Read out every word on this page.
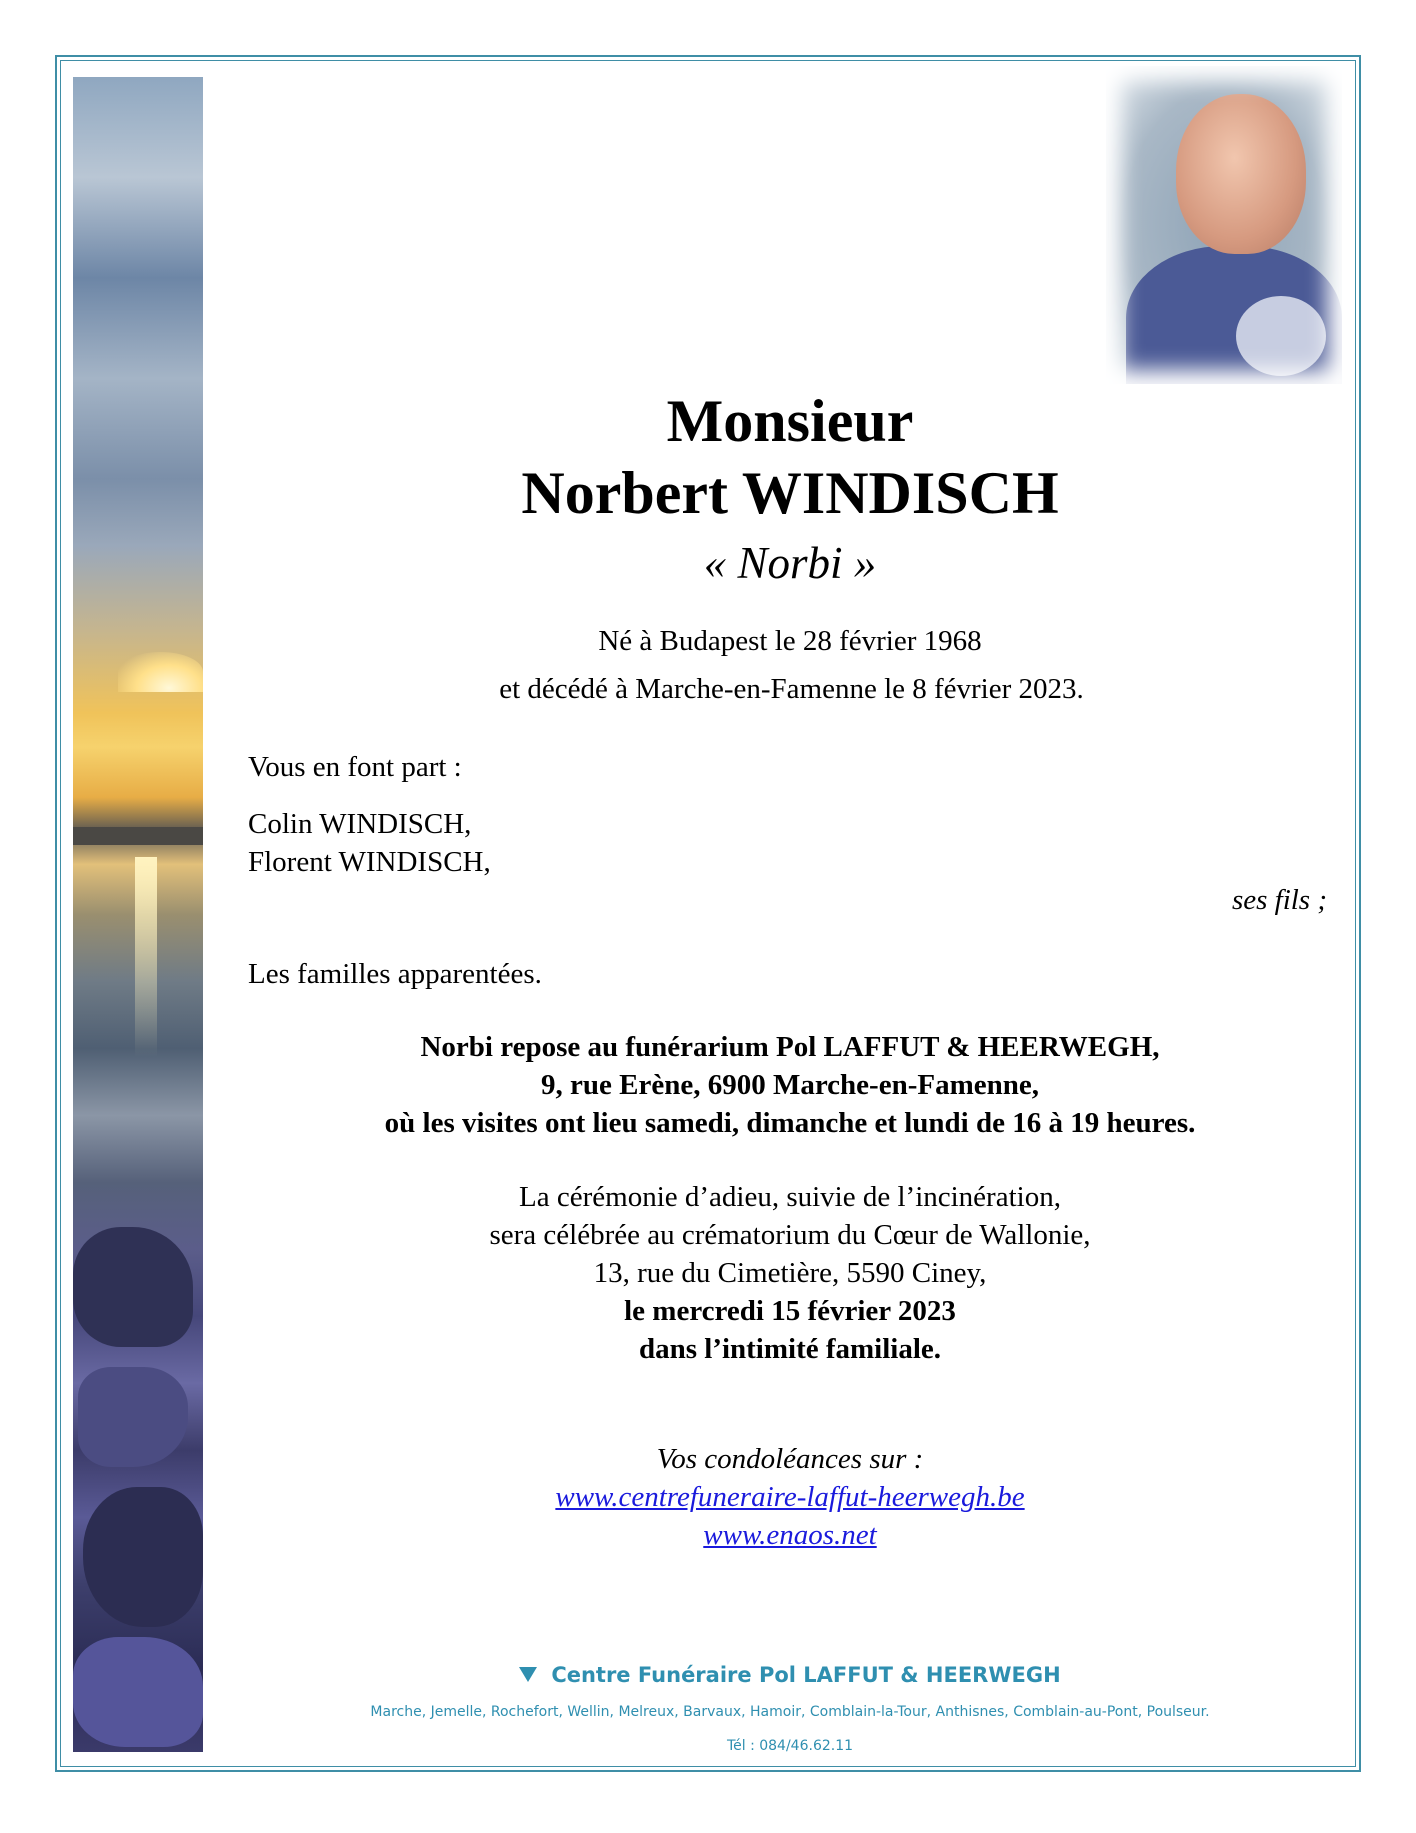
Monsieur
Norbert WINDISCH
« Norbi »
Né à Budapest le 28 février 1968
et décédé à Marche-en-Famenne le 8 février 2023.
Vous en font part :
Colin WINDISCH,
Florent WINDISCH,
ses fils ;
Les familles apparentées.
Norbi repose au funérarium Pol LAFFUT & HEERWEGH,
9, rue Erène, 6900 Marche-en-Famenne,
où les visites ont lieu samedi, dimanche et lundi de 16 à 19 heures.
La cérémonie d’adieu, suivie de l’incinération,
sera célébrée au crématorium du Cœur de Wallonie,
13, rue du Cimetière, 5590 Ciney,
le mercredi 15 février 2023
dans l’intimité familiale.
Vos condoléances sur :
www.centrefuneraire-laffut-heerwegh.be
www.enaos.net
Centre Funéraire Pol LAFFUT & HEERWEGH
Marche, Jemelle, Rochefort, Wellin, Melreux, Barvaux, Hamoir, Comblain-la-Tour, Anthisnes, Comblain-au-Pont, Poulseur.
Tél : 084/46.62.11
